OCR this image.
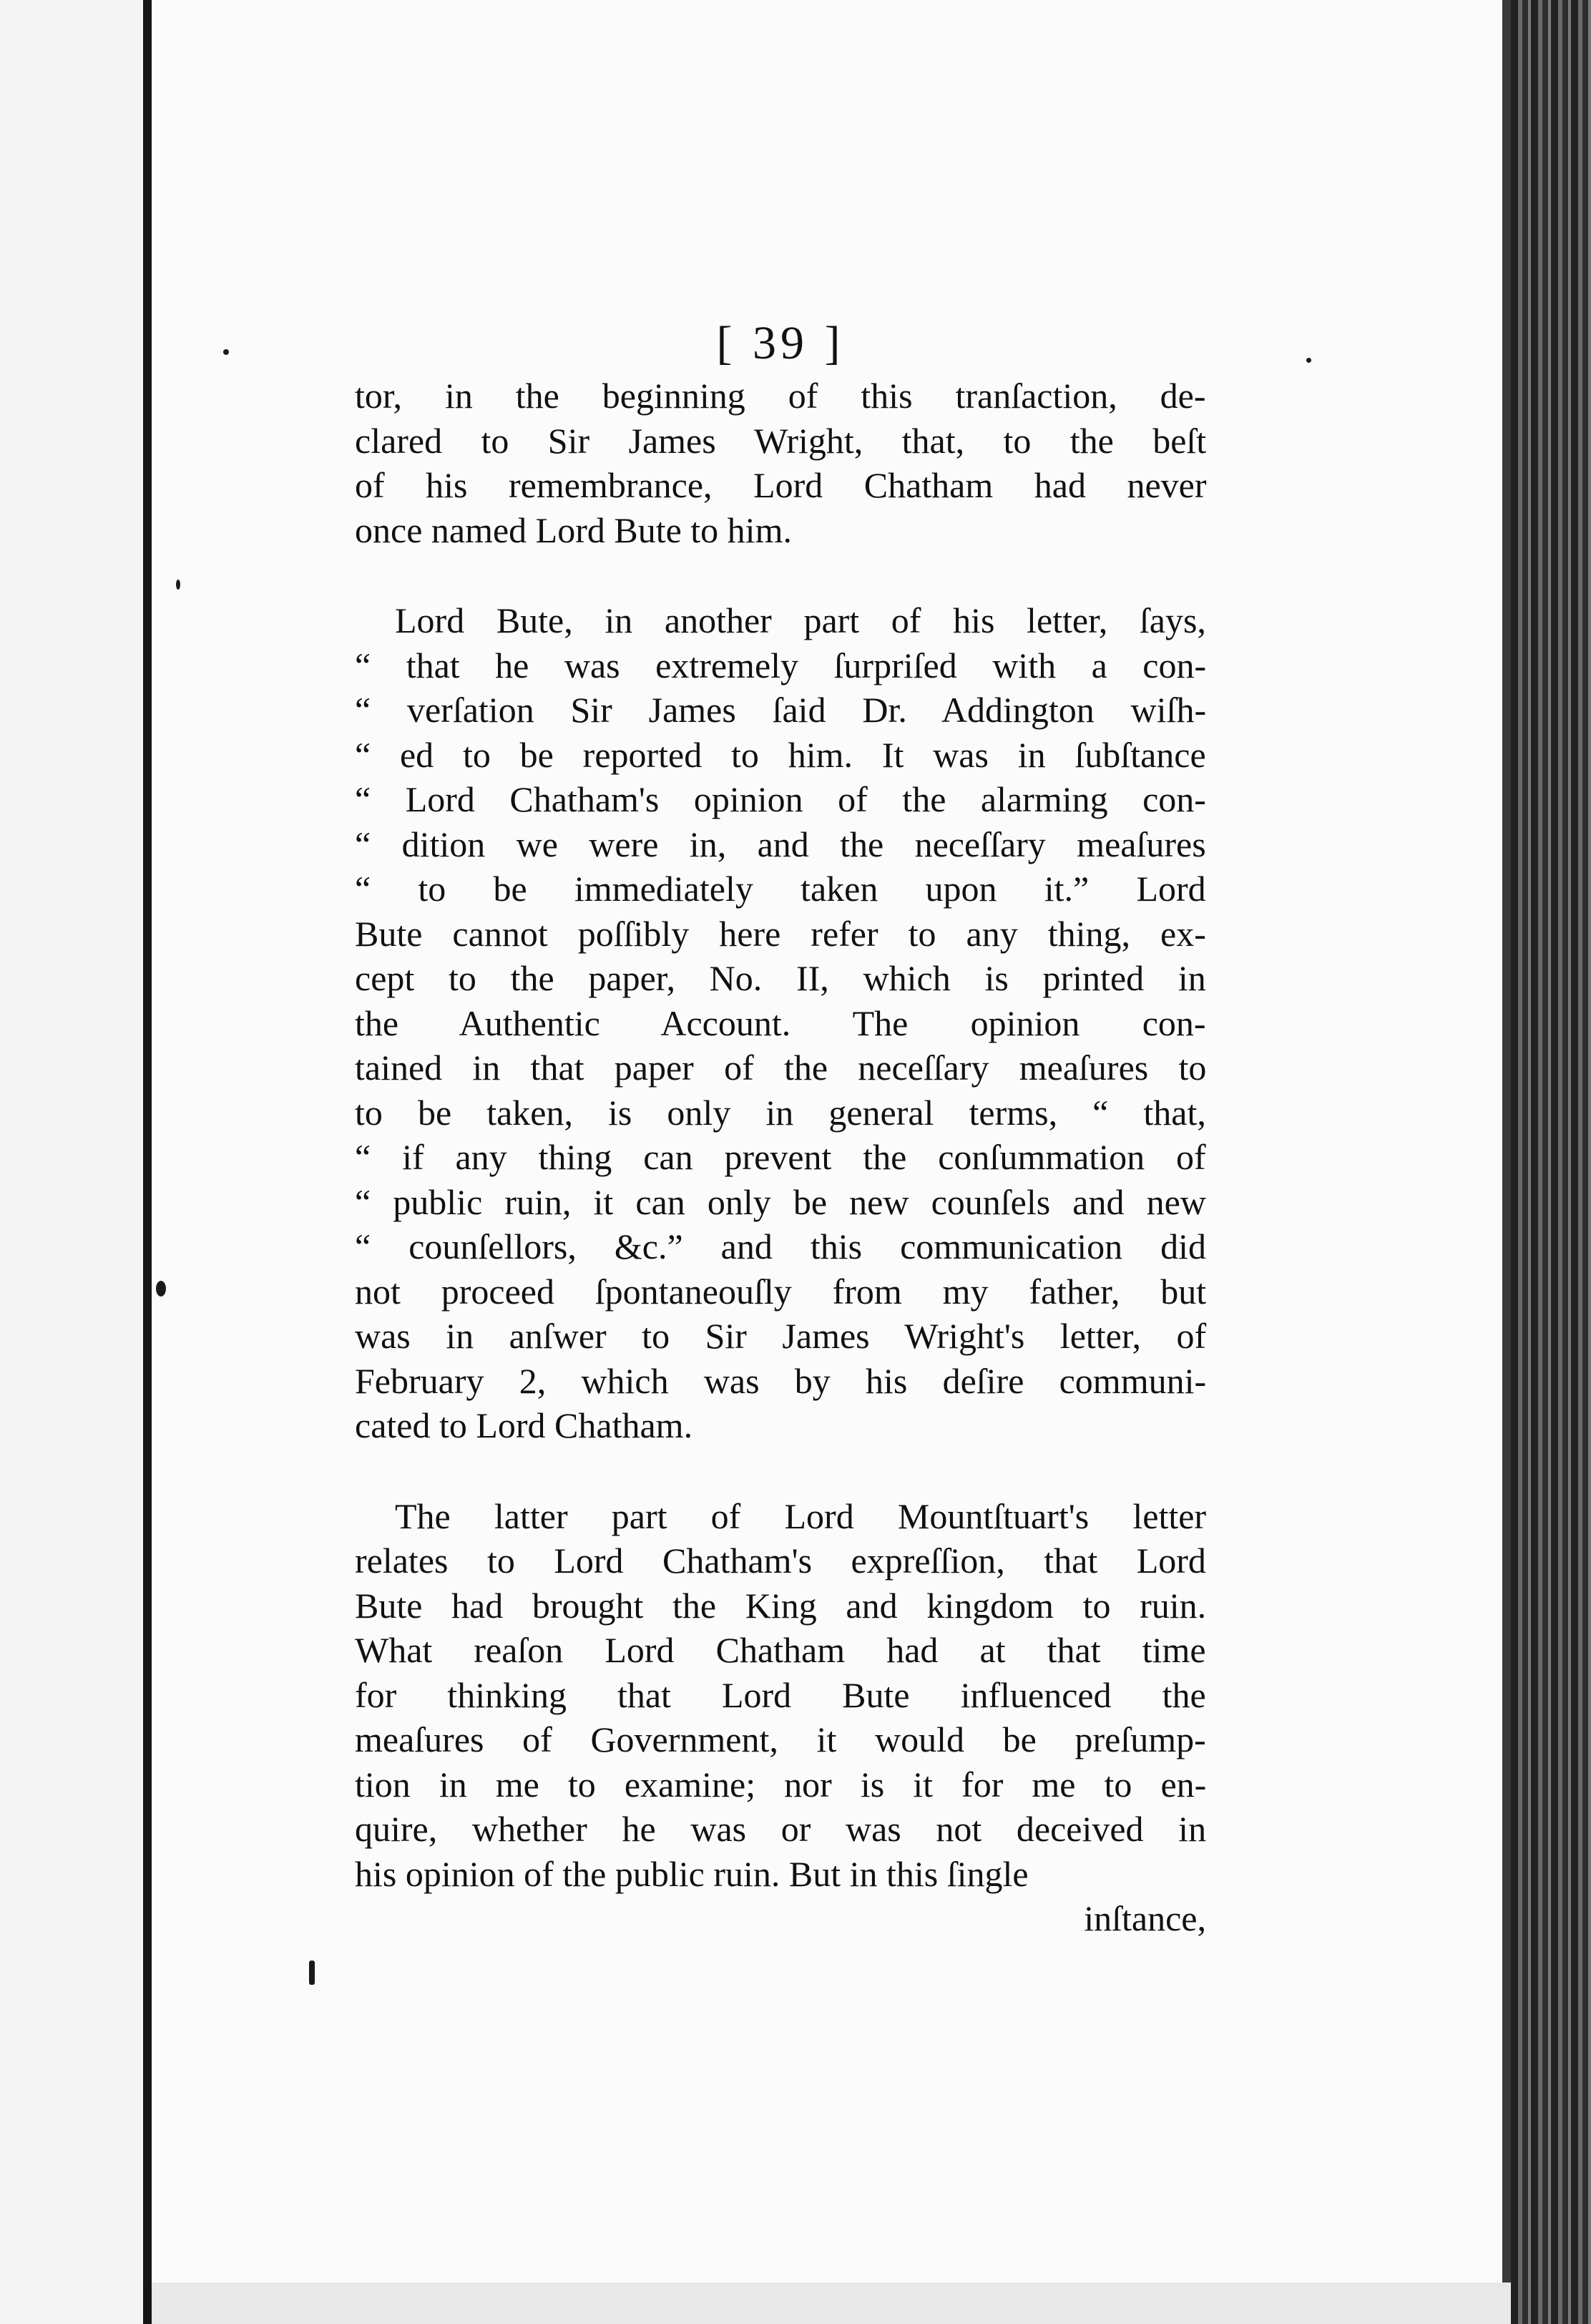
[ 39 ]
tor, in the beginning of this tranſaction, de-
clared to Sir James Wright, that, to the beſt
of his remembrance, Lord Chatham had never
once named Lord Bute to him.
Lord Bute, in another part of his letter, ſays,
“ that he was extremely ſurpriſed with a con-
“ verſation Sir James ſaid Dr. Addington wiſh-
“ ed to be reported to him. It was in ſubſtance
“ Lord Chatham's opinion of the alarming con-
“ dition we were in, and the neceſſary meaſures
“ to be immediately taken upon it.” Lord
Bute cannot poſſibly here refer to any thing, ex-
cept to the paper, No. II, which is printed in
the Authentic Account. The opinion con-
tained in that paper of the neceſſary meaſures to
to be taken, is only in general terms, “ that,
“ if any thing can prevent the conſummation of
“ public ruin, it can only be new counſels and new
“ counſellors, &c.” and this communication did
not proceed ſpontaneouſly from my father, but
was in anſwer to Sir James Wright's letter, of
February 2, which was by his deſire communi-
cated to Lord Chatham.
The latter part of Lord Mountſtuart's letter
relates to Lord Chatham's expreſſion, that Lord
Bute had brought the King and kingdom to ruin.
What reaſon Lord Chatham had at that time
for thinking that Lord Bute influenced the
meaſures of Government, it would be preſump-
tion in me to examine; nor is it for me to en-
quire, whether he was or was not deceived in
his opinion of the public ruin. But in this ſingle
inſtance,
